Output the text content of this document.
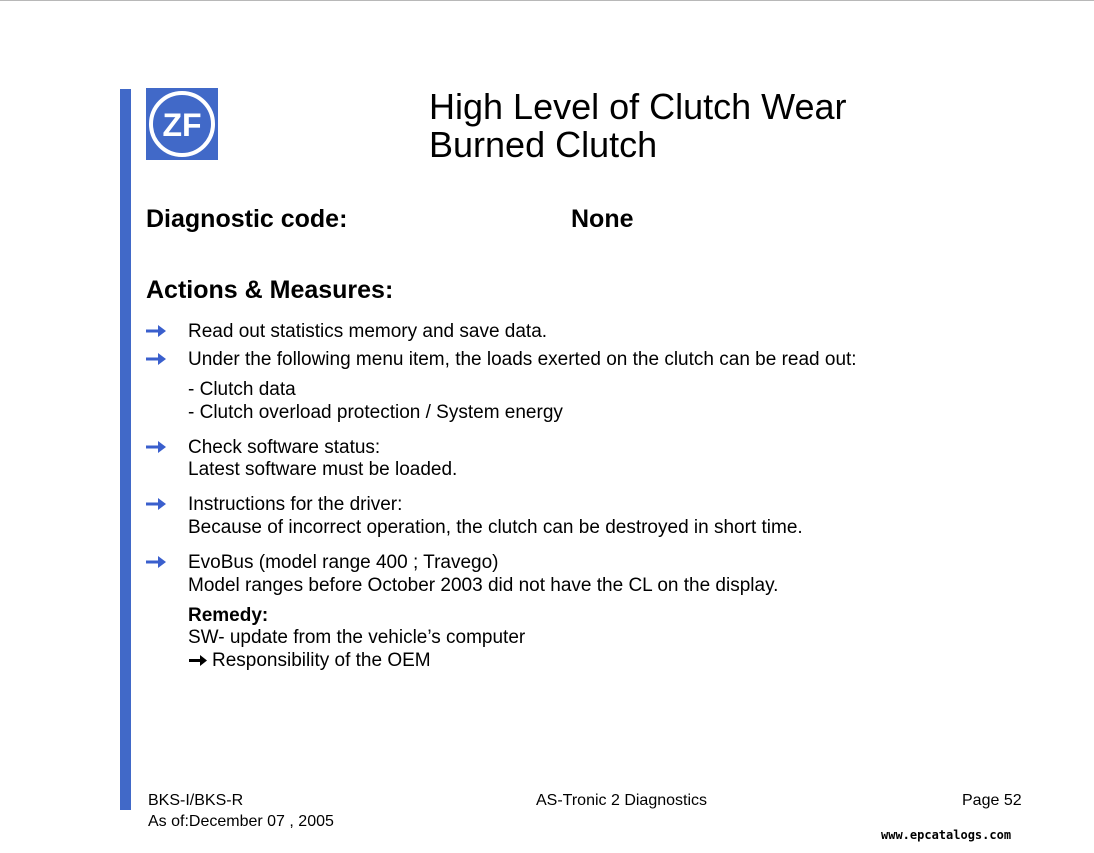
ZF	High Level of Clutch Wear
Burned Clutch
Diagnostic code:	None
Actions & Measures:
Read out statistics memory and save data.
Under the following menu item, the loads exerted on the clutch can be read out:
- Clutch data
- Clutch overload protection / System energy
Check software status:
Latest software must be loaded.
Instructions for the driver:
Because of incorrect operation, the clutch can be destroyed in short time.
EvoBus (model range 400 ; Travego)
Model ranges before October 2003 did not have the CL on the display.
Remedy:
SW- update from the vehicle’s computer
Responsibility of the OEM
BKS-I/BKS-R
As of:December 07 , 2005
AS-Tronic 2 Diagnostics	Page 52
www.epcatalogs.com
